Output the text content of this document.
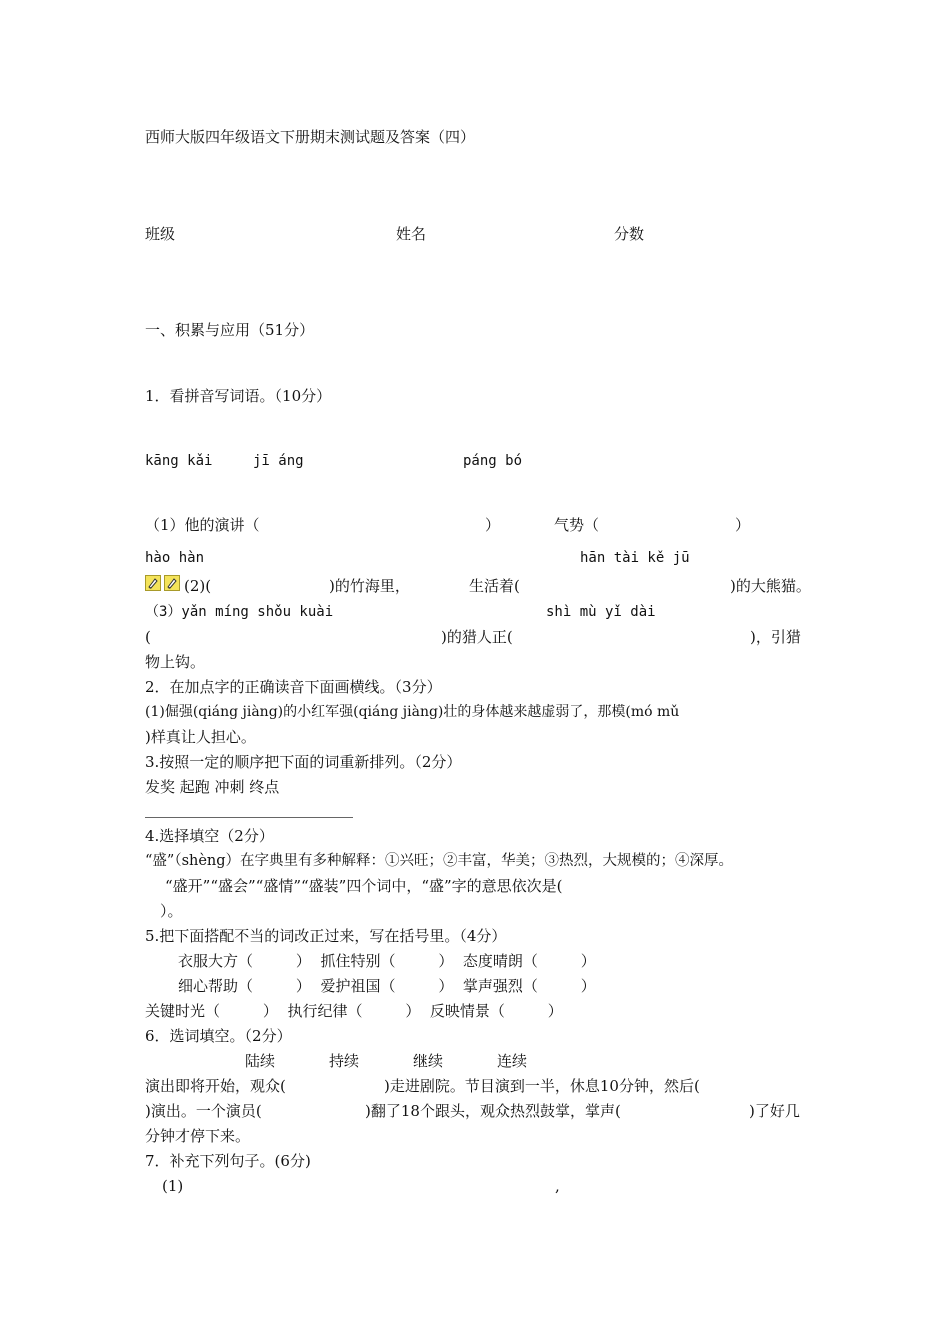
西师大版四年级语文下册期末测试题及答案（四）
班级	姓名	分数
一、积累与应用（51分）
1．看拼音写词语。（10分）
kāng kǎi	jī áng	páng bó
（1）他的演讲（	）	气势（	）
hào hàn	hān tài kě jū
(2)(	)的竹海里，	生活着(	)的大熊猫。
（3）yǎn míng shǒu kuài	shì mù yǐ dài
(	)的猎人正(	)，引猎
物上钩。
2．在加点字的正确读音下面画横线。（3分）
(1)倔强(qiáng jiàng)的小红军强(qiáng jiàng)壮的身体越来越虚弱了，那模(mó mǔ
)样真让人担心。
3.按照一定的顺序把下面的词重新排列。（2分）
发奖 起跑 冲刺 终点
4.选择填空（2分）
“盛”（shèng）在字典里有多种解释：①兴旺；②丰富，华美；③热烈，大规模的；④深厚。
“盛开”“盛会”“盛情”“盛装”四个词中，“盛”字的意思依次是(
）。
5.把下面搭配不当的词改正过来，写在括号里。（4分）
衣服大方（         ）  抓住特别（         ）  态度晴朗（         ）
细心帮助（         ）  爱护祖国（         ）  掌声强烈（         ）
关键时光（         ）  执行纪律（         ）  反映情景（         ）
6．选词填空。（2分）
陆续	持续	继续	连续
演出即将开始，观众(	)走进剧院。节目演到一半，休息10分钟，然后(
)演出。一个演员(	)翻了18个跟头，观众热烈鼓掌，掌声(	)了好几
分钟才停下来。
7．补充下列句子。(6分)
(1)	,
